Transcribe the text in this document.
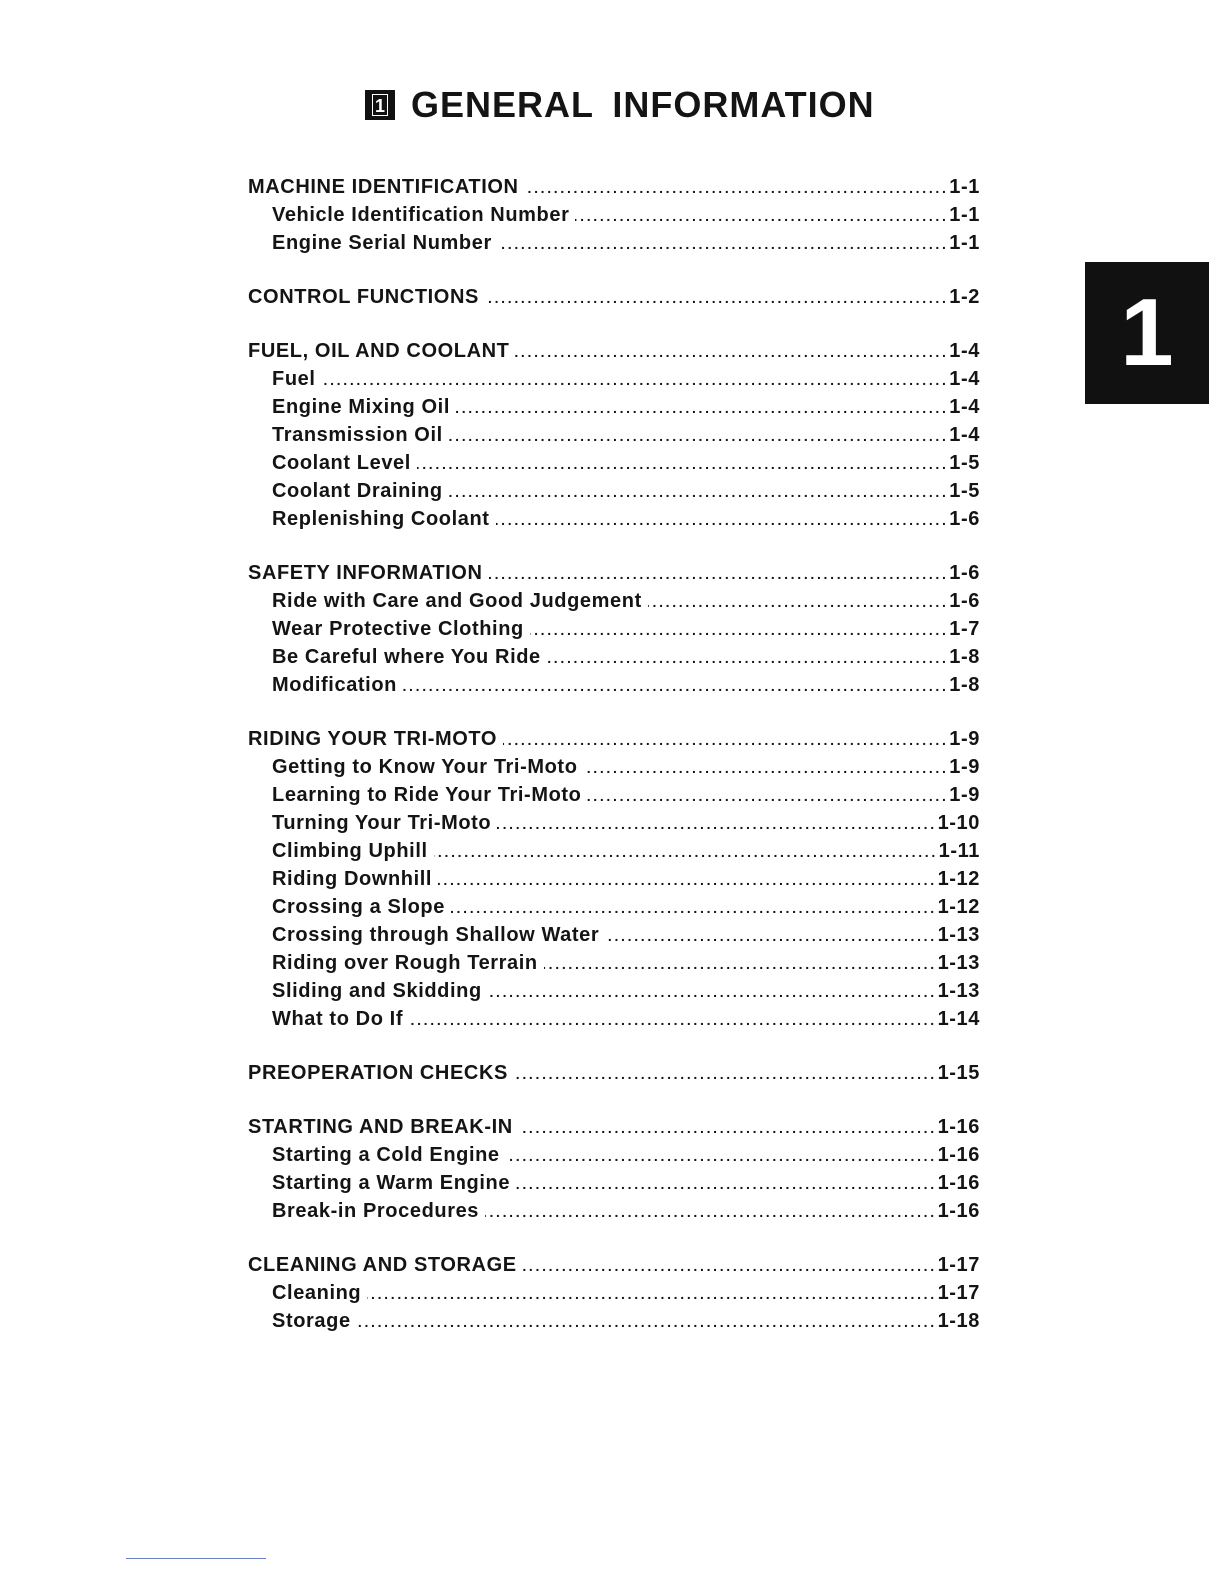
1 GENERAL INFORMATION
MACHINE IDENTIFICATION . . .	1-1
Vehicle Identification Number . . .	1-1
Engine Serial Number . . .	1-1
CONTROL FUNCTIONS . . .	1-2
FUEL, OIL AND COOLANT . . .	1-4
Fuel . . .	1-4
Engine Mixing Oil . . .	1-4
Transmission Oil . . .	1-4
Coolant Level . . .	1-5
Coolant Draining . . .	1-5
Replenishing Coolant . . .	1-6
SAFETY INFORMATION . . .	1-6
Ride with Care and Good Judgement . . .	1-6
Wear Protective Clothing . . .	1-7
Be Careful where You Ride . . .	1-8
Modification . . .	1-8
RIDING YOUR TRI-MOTO . . .	1-9
Getting to Know Your Tri-Moto . . .	1-9
Learning to Ride Your Tri-Moto . . .	1-9
Turning Your Tri-Moto . . .	1-10
Climbing Uphill . . .	1-11
Riding Downhill . . .	1-12
Crossing a Slope . . .	1-12
Crossing through Shallow Water . . .	1-13
Riding over Rough Terrain . . .	1-13
Sliding and Skidding . . .	1-13
What to Do If . . .	1-14
PREOPERATION CHECKS . . .	1-15
STARTING AND BREAK-IN . . .	1-16
Starting a Cold Engine . . .	1-16
Starting a Warm Engine . . .	1-16
Break-in Procedures . . .	1-16
CLEANING AND STORAGE . . .	1-17
Cleaning . . .	1-17
Storage . . .	1-18
1
